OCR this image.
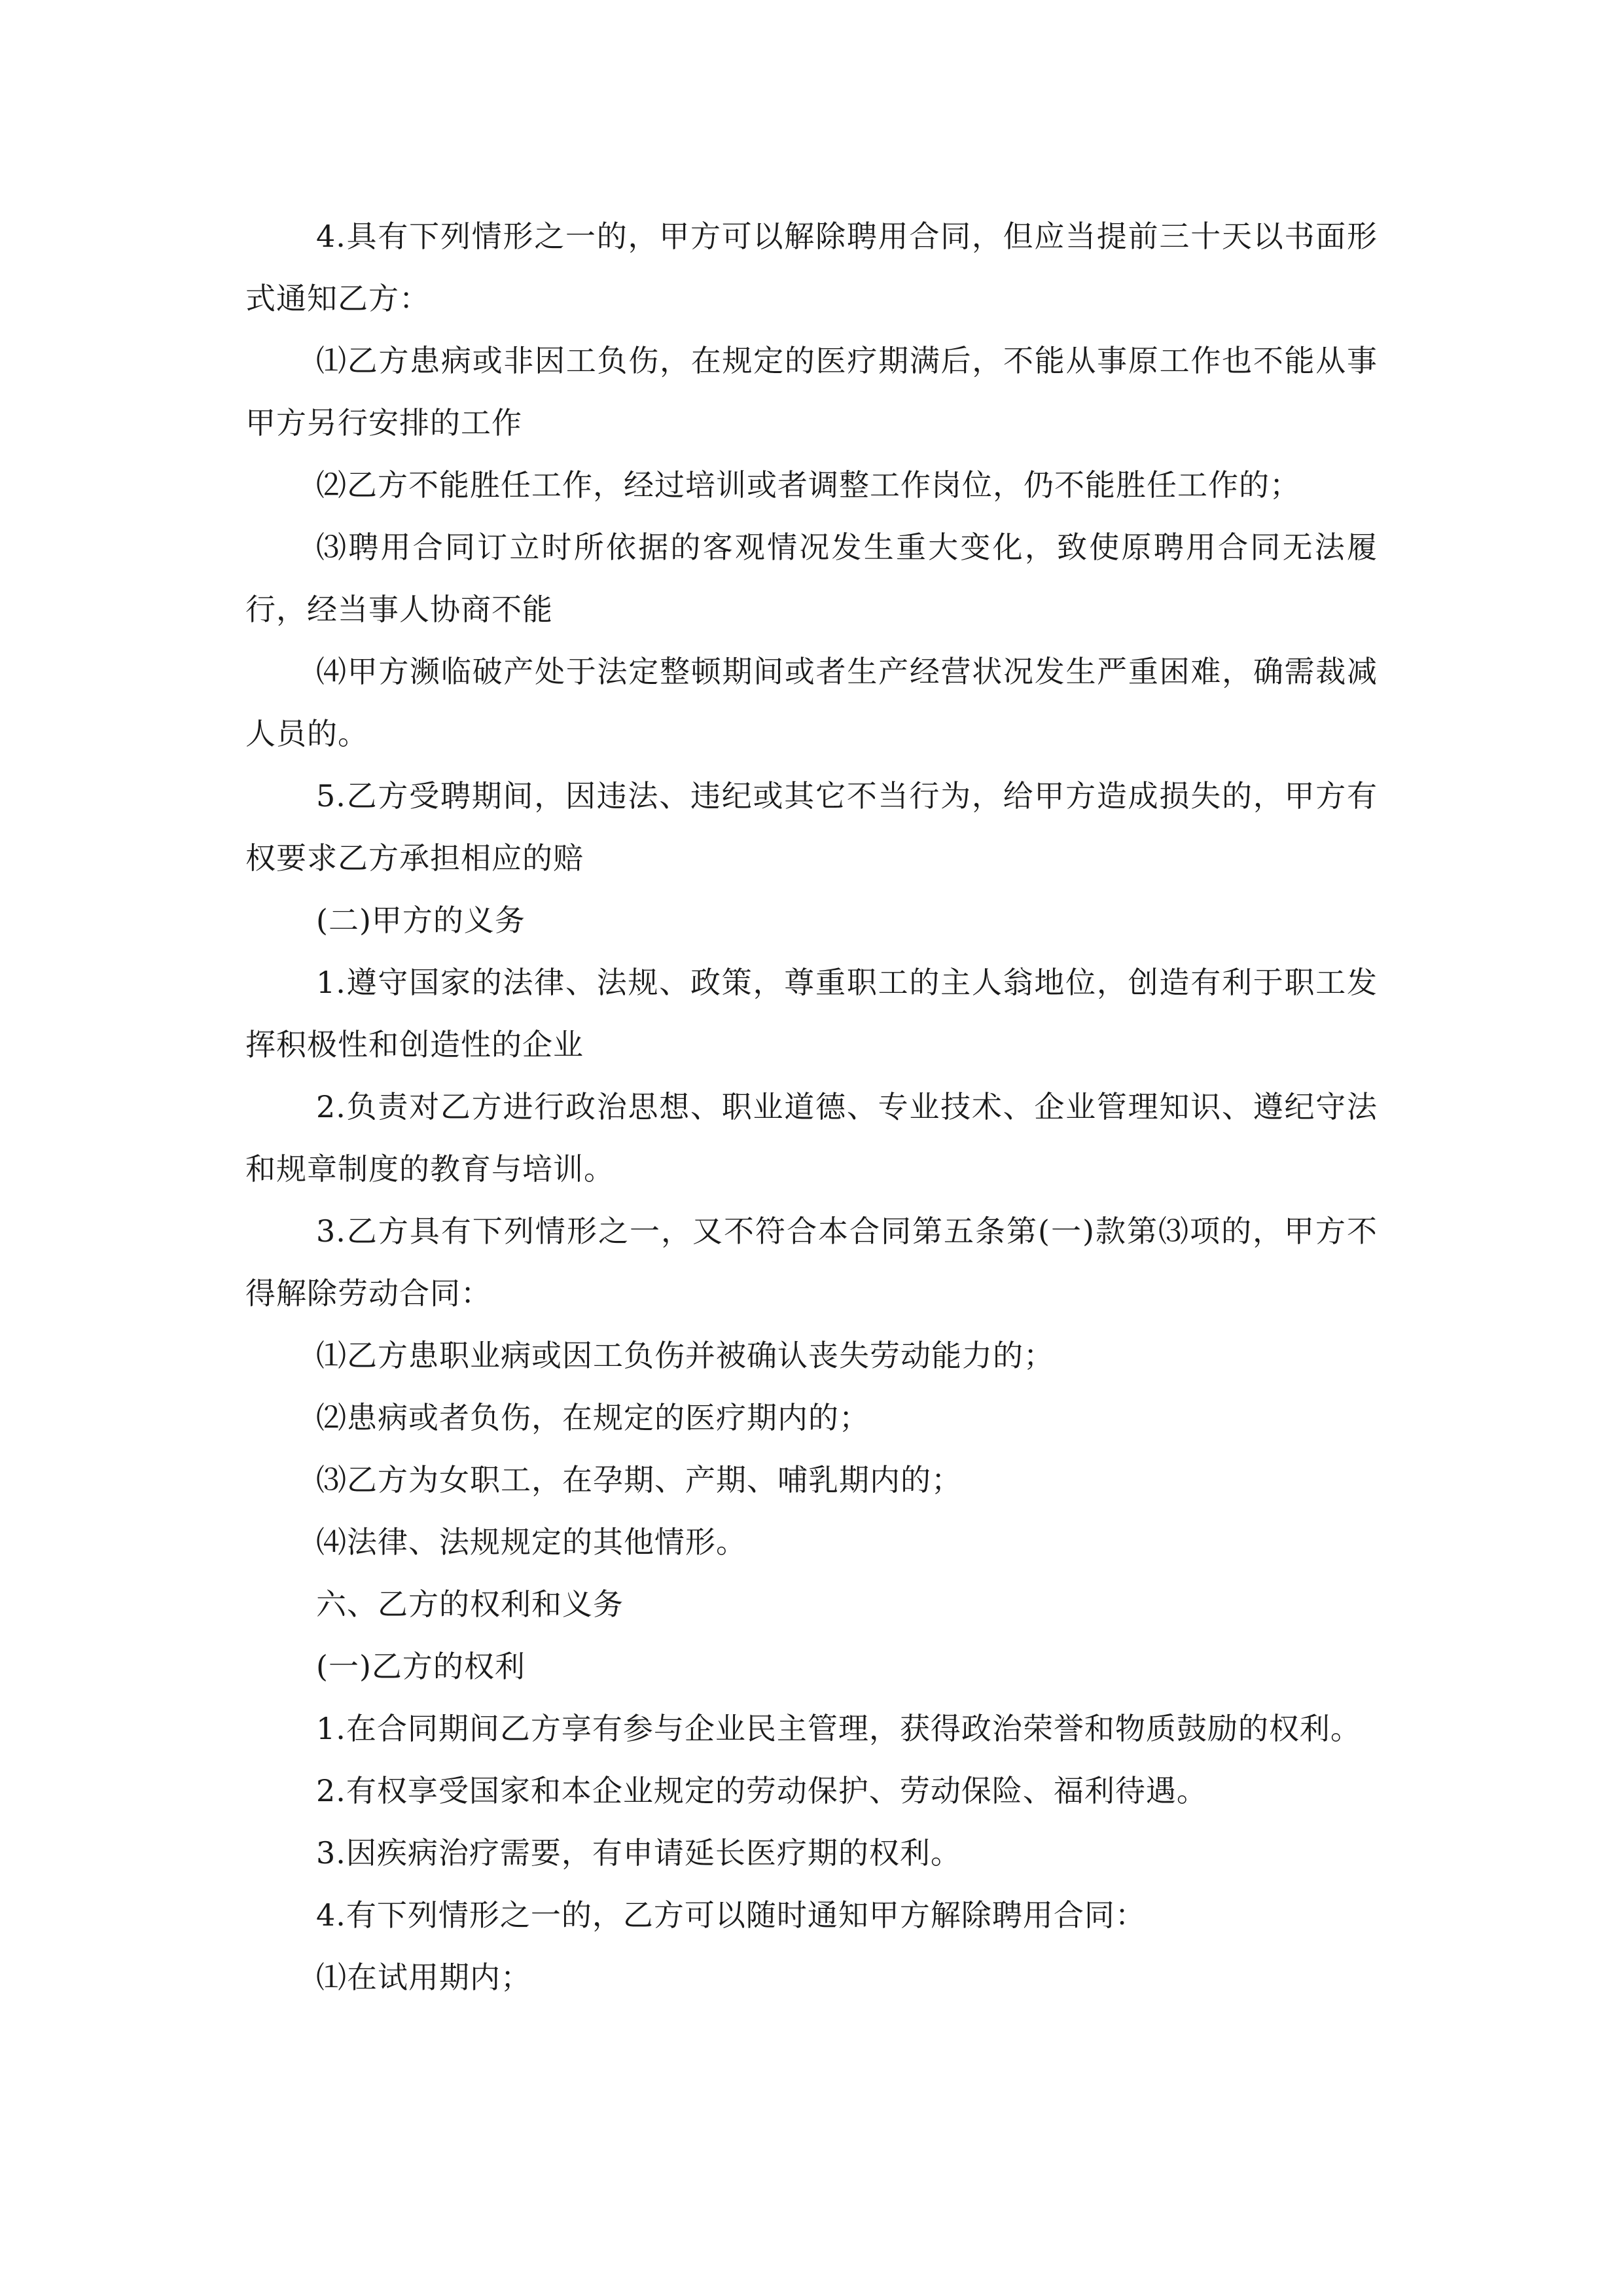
4.具有下列情形之一的，甲方可以解除聘用合同，但应当提前三十天以书面形式通知乙方：

⑴乙方患病或非因工负伤，在规定的医疗期满后，不能从事原工作也不能从事甲方另行安排的工作

⑵乙方不能胜任工作，经过培训或者调整工作岗位，仍不能胜任工作的；

⑶聘用合同订立时所依据的客观情况发生重大变化，致使原聘用合同无法履行，经当事人协商不能

⑷甲方濒临破产处于法定整顿期间或者生产经营状况发生严重困难，确需裁减人员的。

5.乙方受聘期间，因违法、违纪或其它不当行为，给甲方造成损失的，甲方有权要求乙方承担相应的赔

(二)甲方的义务

1.遵守国家的法律、法规、政策，尊重职工的主人翁地位，创造有利于职工发挥积极性和创造性的企业

2.负责对乙方进行政治思想、职业道德、专业技术、企业管理知识、遵纪守法和规章制度的教育与培训。

3.乙方具有下列情形之一，又不符合本合同第五条第(一)款第⑶项的，甲方不得解除劳动合同：

⑴乙方患职业病或因工负伤并被确认丧失劳动能力的；

⑵患病或者负伤，在规定的医疗期内的；

⑶乙方为女职工，在孕期、产期、哺乳期内的；

⑷法律、法规规定的其他情形。

六、乙方的权利和义务

(一)乙方的权利

1.在合同期间乙方享有参与企业民主管理，获得政治荣誉和物质鼓励的权利。

2.有权享受国家和本企业规定的劳动保护、劳动保险、福利待遇。

3.因疾病治疗需要，有申请延长医疗期的权利。

4.有下列情形之一的，乙方可以随时通知甲方解除聘用合同：

⑴在试用期内；
